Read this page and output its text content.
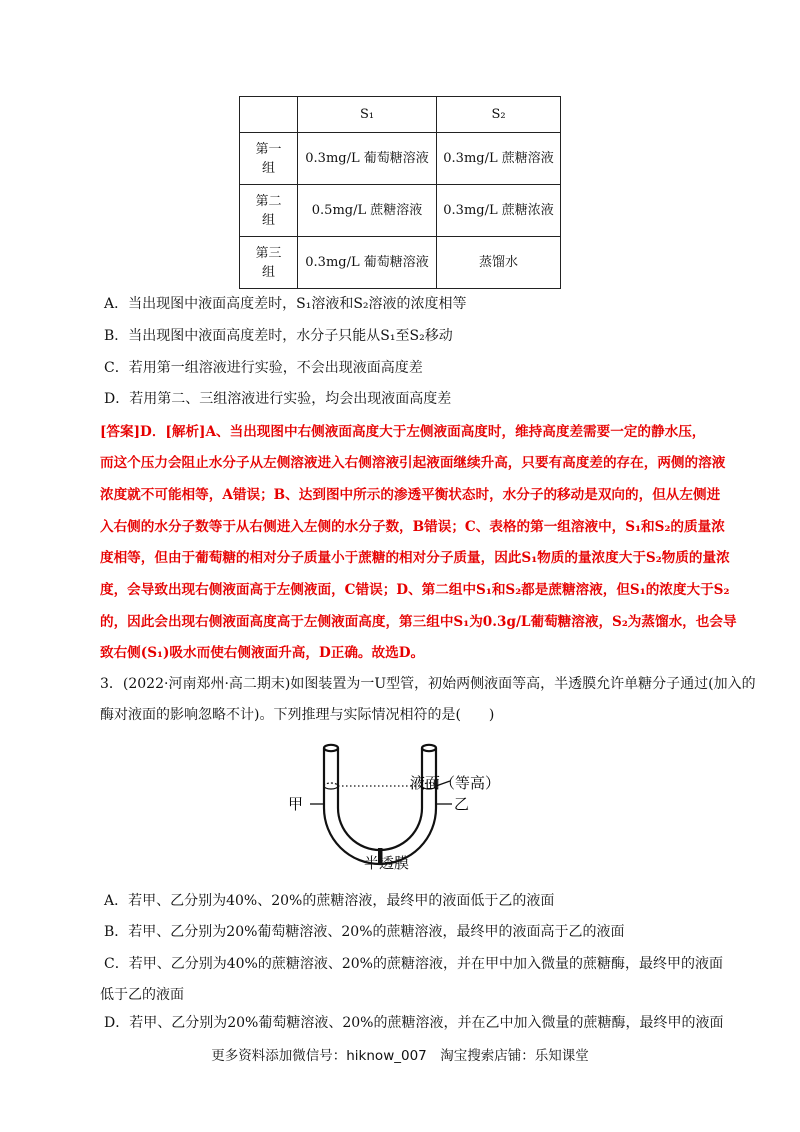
	S₁	S₂
第一组	0.3mg/L 葡萄糖溶液	0.3mg/L 蔗糖溶液
第二组	0.5mg/L 蔗糖溶液	0.3mg/L 蔗糖浓液
第三组	0.3mg/L 葡萄糖溶液	蒸馏水
A．当出现图中液面高度差时，S₁溶液和S₂溶液的浓度相等
B．当出现图中液面高度差时，水分子只能从S₁至S₂移动
C．若用第一组溶液进行实验，不会出现液面高度差
D．若用第二、三组溶液进行实验，均会出现液面高度差
[答案]D．[解析]A、当出现图中右侧液面高度大于左侧液面高度时，维持高度差需要一定的静水压，
而这个压力会阻止水分子从左侧溶液进入右侧溶液引起液面继续升高，只要有高度差的存在，两侧的溶液
浓度就不可能相等，A错误；B、达到图中所示的渗透平衡状态时，水分子的移动是双向的，但从左侧进
入右侧的水分子数等于从右侧进入左侧的水分子数，B错误；C、表格的第一组溶液中，S₁和S₂的质量浓
度相等，但由于葡萄糖的相对分子质量小于蔗糖的相对分子质量，因此S₁物质的量浓度大于S₂物质的量浓
度，会导致出现右侧液面高于左侧液面，C错误；D、第二组中S₁和S₂都是蔗糖溶液，但S₁的浓度大于S₂
的，因此会出现右侧液面高度高于左侧液面高度，第三组中S₁为0.3g/L葡萄糖溶液，S₂为蒸馏水，也会导
致右侧(S₁)吸水而使右侧液面升高，D正确。故选D。
3．(2022·河南郑州·高二期末)如图装置为一U型管，初始两侧液面等高，半透膜允许单糖分子通过(加入的
酶对液面的影响忽略不计)。下列推理与实际情况相符的是(　　)
甲	乙
液面（等高）
半透膜
A．若甲、乙分别为40%、20%的蔗糖溶液，最终甲的液面低于乙的液面
B．若甲、乙分别为20%葡萄糖溶液、20%的蔗糖溶液，最终甲的液面高于乙的液面
C．若甲、乙分别为40%的蔗糖溶液、20%的蔗糖溶液，并在甲中加入微量的蔗糖酶，最终甲的液面
低于乙的液面
D．若甲、乙分别为20%葡萄糖溶液、20%的蔗糖溶液，并在乙中加入微量的蔗糖酶，最终甲的液面
更多资料添加微信号：hiknow_007　淘宝搜索店铺：乐知课堂
